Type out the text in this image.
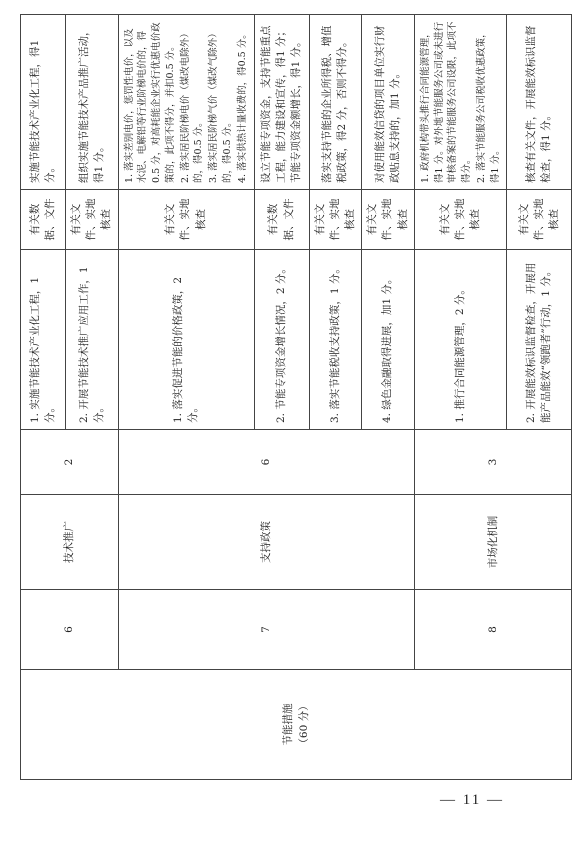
节能措施 （60 分）	6	技术推广	2	1. 实施节能技术产业化工程，1 分。	有关数据、文件	实施节能技术产业化工程，得1 分。
				2. 开展节能技术推广应用工作，1 分。	有关文件、实地核查	组织实施节能技术产品推广活动，得1 分。
	7	支持政策	6	1. 落实促进节能的价格政策，2 分。	有关文件、实地核查	1. 落实差别电价，惩罚性电价，以及水泥、电解铝等行业阶梯电价的，得0.5 分，对高耗能企业实行优惠电价政策的，此项不得分，并扣0.5 分。 2. 落实居民阶梯电价（煤改电除外）的，得0.5 分。 3. 落实居民阶梯气价（煤改气除外）的，得0.5 分。 4. 落实供热计量收费的，得0.5 分。

				2. 节能专项资金增长情况，2 分。	有关数据、文件	设立节能专项资金，支持节能重点工程，能力建设和宣传，得1 分；节能专项资金额增长，得1 分。
				3. 落实节能税收支持政策，1 分。	有关文件、实地核查	落实支持节能的企业所得税、增值税政策，得2 分，否则不得分。
				4. 绿色金融取得进展，加1 分。	有关文件、实地核查	对使用能效信贷的项目单位实行财政贴息支持的，加1 分。
	8	市场化机制	3	1. 推行合同能源管理，2 分。	有关文件、实地核查	1. 政府机构带头推行合同能源管理，得1 分。对外地节能服务公司或未进行审核备案的节能服务公司设限，此项不得分。 2. 落实节能服务公司税收优惠政策，得1 分。

				2. 开展能效标识监督检查，开展用能产品能效“领跑者”行动，1 分。	有关文件、实地核查	核查有关文件，开展能效标识监督检查，得1 分。
— 11 —
